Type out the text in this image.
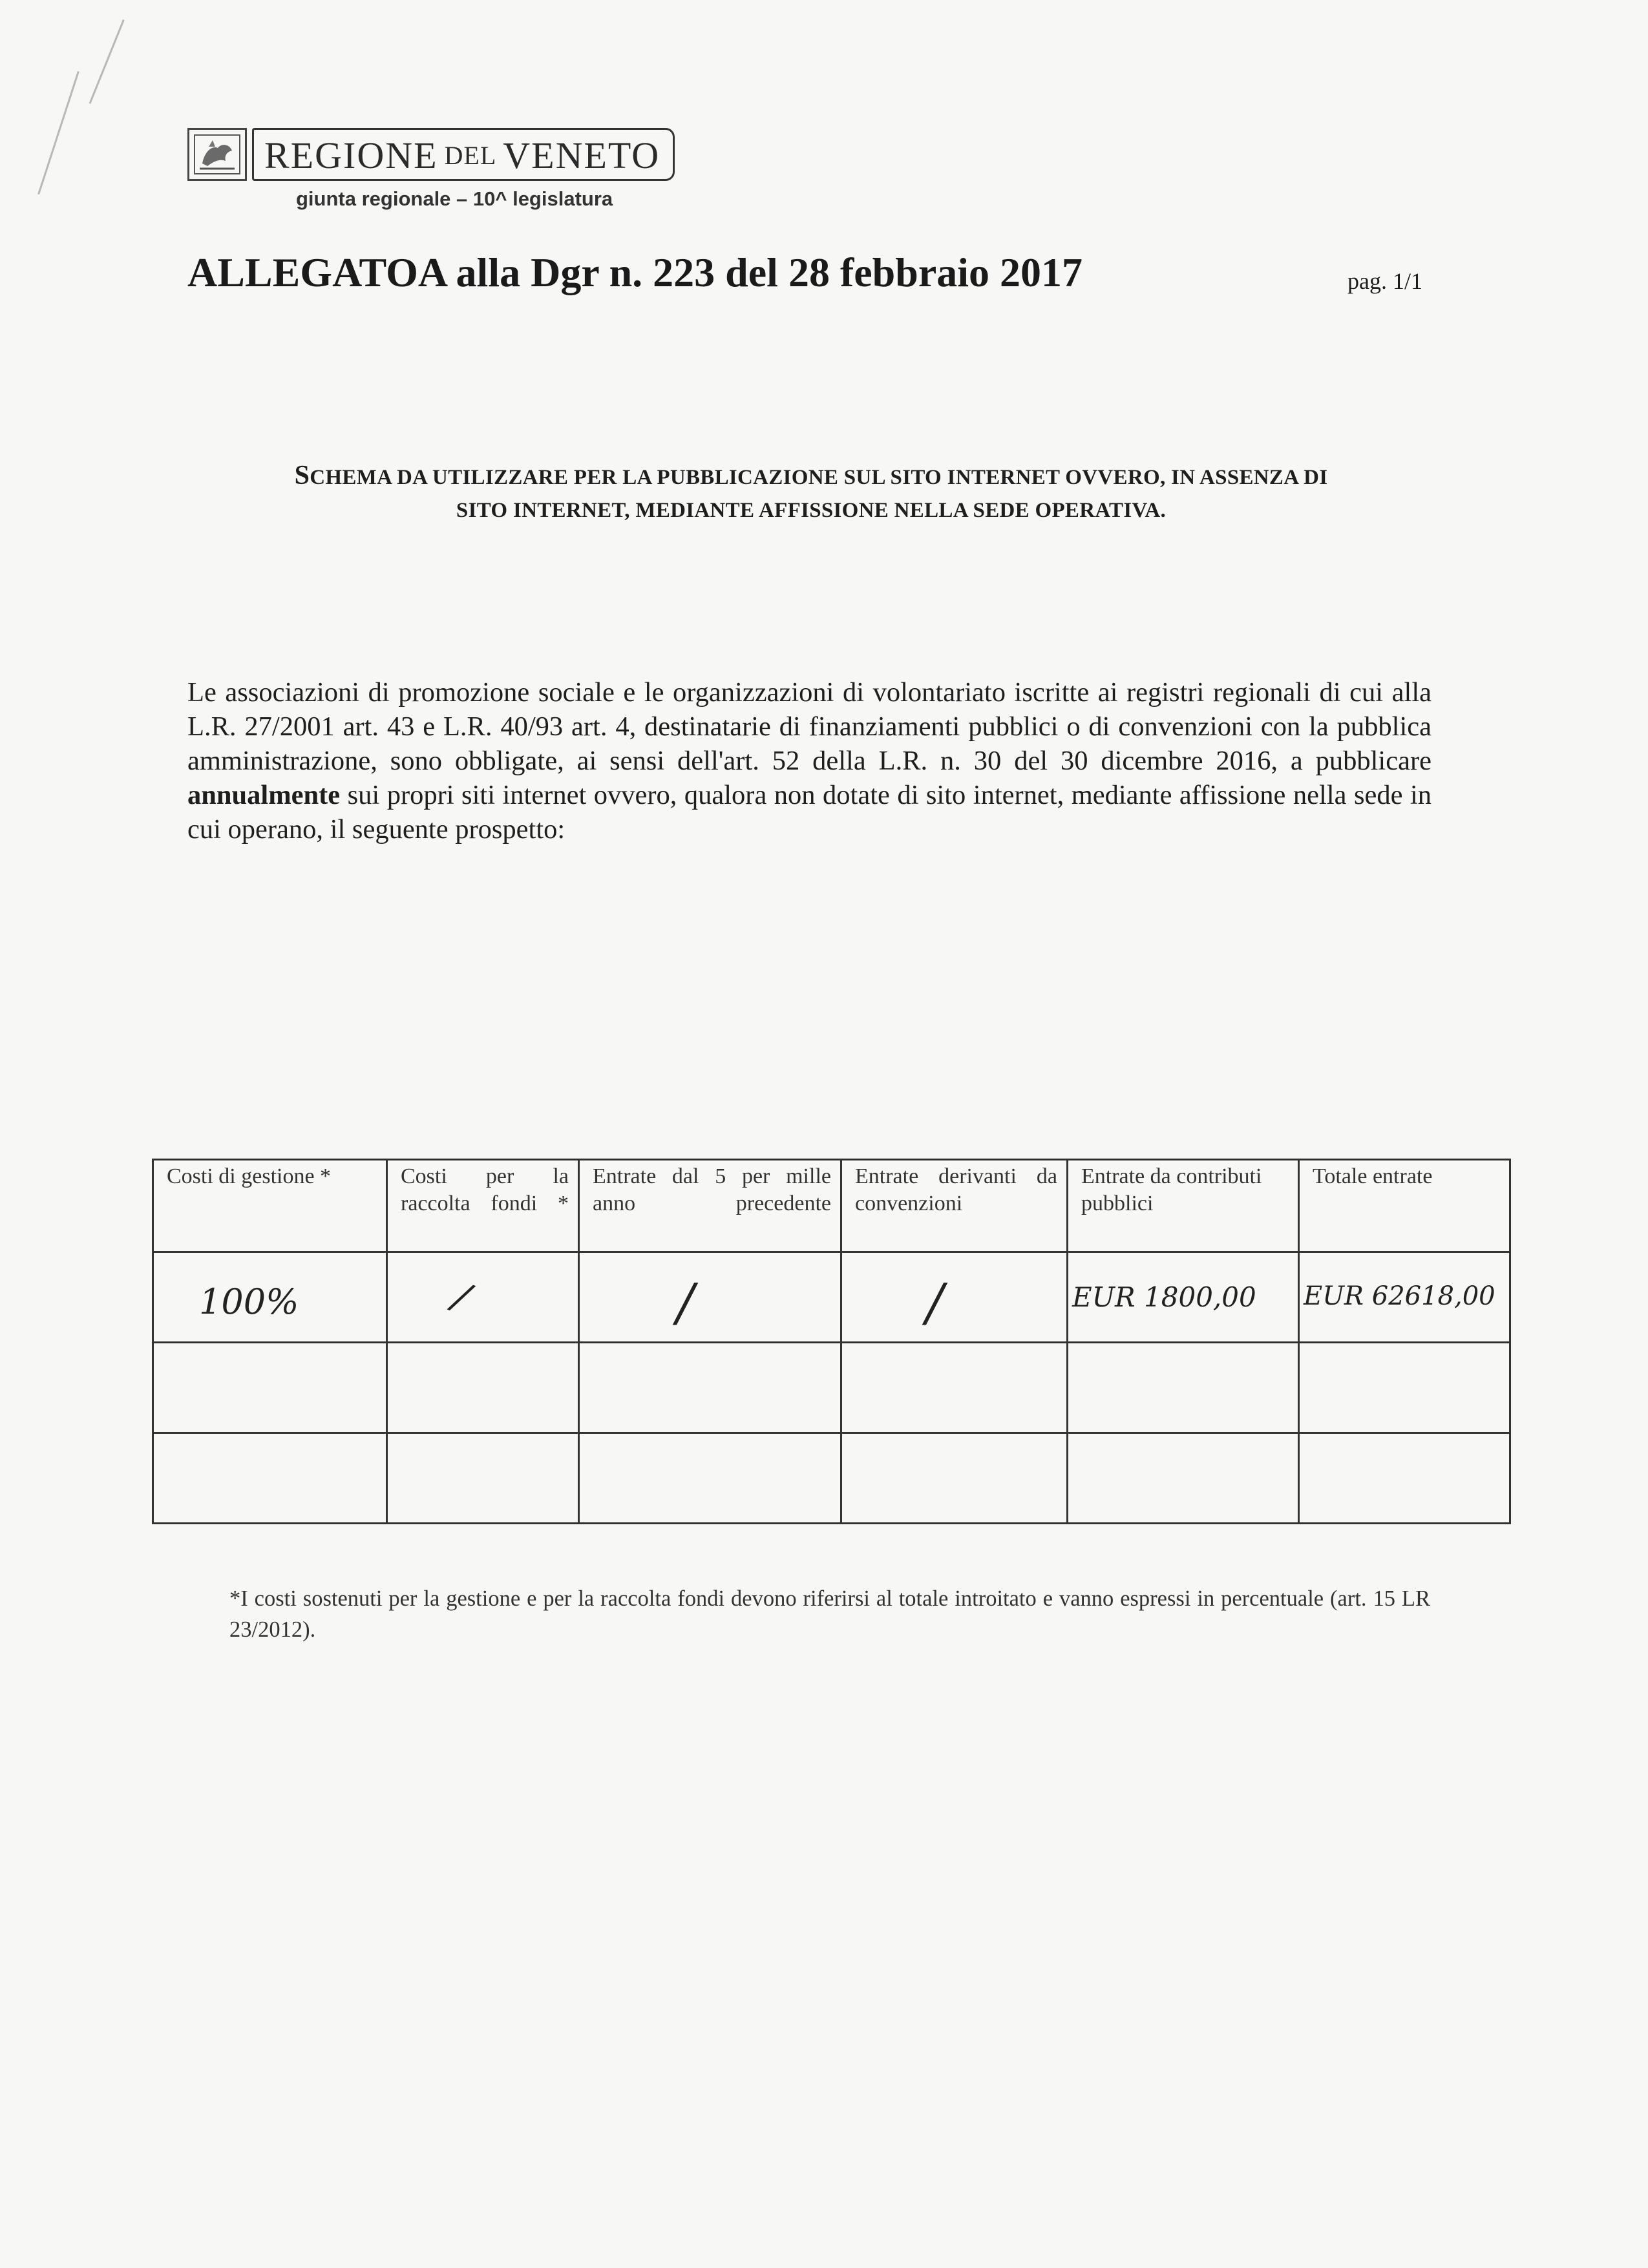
REGIONE DEL VENETO
giunta regionale – 10^ legislatura
ALLEGATOA alla Dgr n. 223 del 28 febbraio 2017	pag. 1/1
SCHEMA DA UTILIZZARE PER LA PUBBLICAZIONE SUL SITO INTERNET OVVERO, IN ASSENZA DI
SITO INTERNET, MEDIANTE AFFISSIONE NELLA SEDE OPERATIVA.
Le associazioni di promozione sociale e le organizzazioni di volontariato iscritte ai registri regionali di cui alla L.R. 27/2001 art. 43 e L.R. 40/93 art. 4, destinatarie di finanziamenti pubblici o di convenzioni con la pubblica amministrazione, sono obbligate, ai sensi dell'art. 52 della L.R. n. 30 del 30 dicembre 2016, a pubblicare annualmente sui propri siti internet ovvero, qualora non dotate di sito internet, mediante affissione nella sede in cui operano, il seguente prospetto:
Costi di gestione *	Costi per la raccolta fondi *	Entrate dal 5 per mille anno precedente	Entrate derivanti da convenzioni	Entrate da contributi pubblici	Totale entrate

100%	/	/	/	EUR 1800,00	EUR 62618,00

*I costi sostenuti per la gestione e per la raccolta fondi devono riferirsi al totale introitato e vanno espressi in percentuale (art. 15 LR 23/2012).
